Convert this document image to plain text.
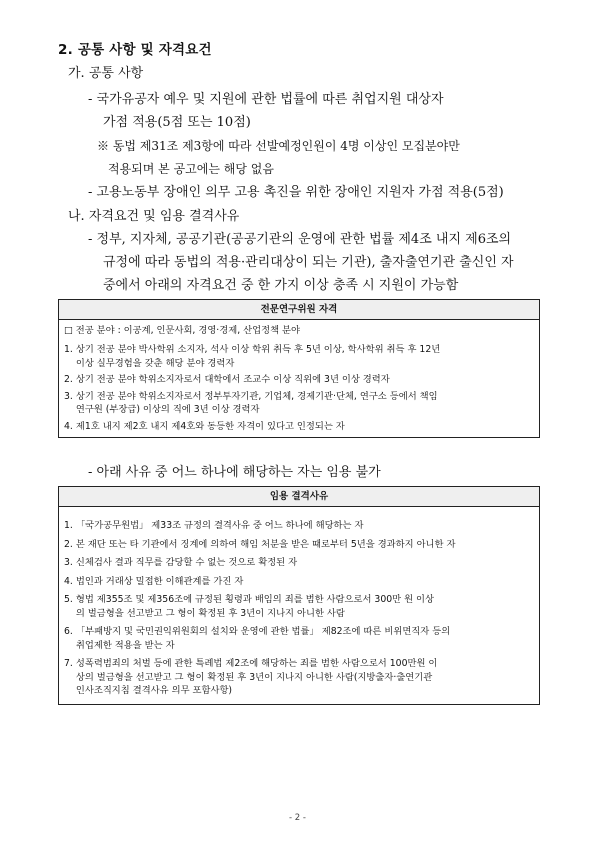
2. 공통 사항 및 자격요건
가. 공통 사항
- 국가유공자 예우 및 지원에 관한 법률에 따른 취업지원 대상자
가점 적용(5점 또는 10점)
※ 동법 제31조 제3항에 따라 선발예정인원이 4명 이상인 모집분야만
적용되며 본 공고에는 해당 없음
- 고용노동부 장애인 의무 고용 촉진을 위한 장애인 지원자 가점 적용(5점)
나. 자격요건 및 임용 결격사유
- 정부, 지자체, 공공기관(공공기관의 운영에 관한 법률 제4조 내지 제6조의
규정에 따라 동법의 적용·관리대상이 되는 기관), 출자출연기관 출신인 자
중에서 아래의 자격요건 중 한 가지 이상 충족 시 지원이 가능함
전문연구위원 자격
□ 전공 분야 : 이공계, 인문사회, 경영·경제, 산업정책 분야
1. 상기 전공 분야 박사학위 소지자, 석사 이상 학위 취득 후 5년 이상, 학사학위 취득 후 12년
이상 실무경험을 갖춘 해당 분야 경력자
2. 상기 전공 분야 학위소지자로서 대학에서 조교수 이상 직위에 3년 이상 경력자
3. 상기 전공 분야 학위소지자로서 정부투자기관, 기업체, 경제기관·단체, 연구소 등에서 책임
연구원 (부장급) 이상의 직에 3년 이상 경력자
4. 제1호 내지 제2호 내지 제4호와 동등한 자격이 있다고 인정되는 자
- 아래 사유 중 어느 하나에 해당하는 자는 임용 불가
임용 결격사유
1. 「국가공무원법」 제33조 규정의 결격사유 중 어느 하나에 해당하는 자
2. 본 재단 또는 타 기관에서 징계에 의하여 해임 처분을 받은 때로부터 5년을 경과하지 아니한 자
3. 신체검사 결과 직무를 감당할 수 없는 것으로 확정된 자
4. 법인과 거래상 밀접한 이해관계를 가진 자
5. 형법 제355조 및 제356조에 규정된 횡령과 배임의 죄를 범한 사람으로서 300만 원 이상
의 벌금형을 선고받고 그 형이 확정된 후 3년이 지나지 아니한 사람
6. 「부패방지 및 국민권익위원회의 설치와 운영에 관한 법률」 제82조에 따른 비위면직자 등의
취업제한 적용을 받는 자
7. 성폭력범죄의 처벌 등에 관한 특례법 제2조에 해당하는 죄를 범한 사람으로서 100만원 이
상의 벌금형을 선고받고 그 형이 확정된 후 3년이 지나지 아니한 사람(지방출자·출연기관
인사조직지침 결격사유 의무 포함사항)
- 2 -
